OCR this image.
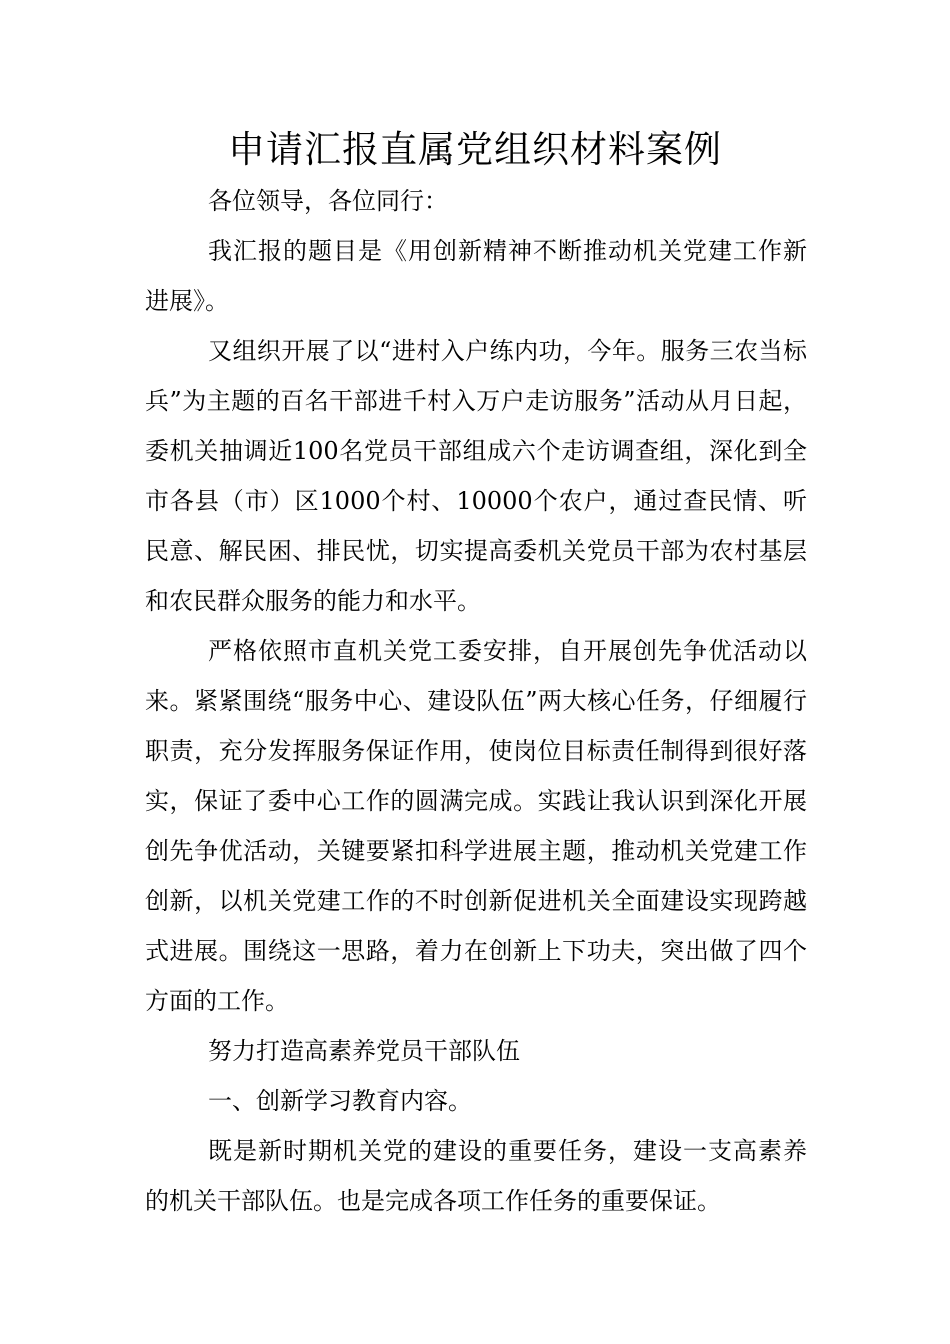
申请汇报直属党组织材料案例

各位领导，各位同行：

我汇报的题目是《用创新精神不断推动机关党建工作新进展》。

又组织开展了以“进村入户练内功，今年。服务三农当标兵”为主题的百名干部进千村入万户走访服务”活动从月日起，委机关抽调近100名党员干部组成六个走访调查组，深化到全市各县（市）区1000个村、10000个农户，通过查民情、听民意、解民困、排民忧，切实提高委机关党员干部为农村基层和农民群众服务的能力和水平。

严格依照市直机关党工委安排，自开展创先争优活动以来。紧紧围绕“服务中心、建设队伍”两大核心任务，仔细履行职责，充分发挥服务保证作用，使岗位目标责任制得到很好落实，保证了委中心工作的圆满完成。实践让我认识到深化开展创先争优活动，关键要紧扣科学进展主题，推动机关党建工作创新，以机关党建工作的不时创新促进机关全面建设实现跨越式进展。围绕这一思路，着力在创新上下功夫，突出做了四个方面的工作。

努力打造高素养党员干部队伍

一、创新学习教育内容。

既是新时期机关党的建设的重要任务，建设一支高素养的机关干部队伍。也是完成各项工作任务的重要保证。
